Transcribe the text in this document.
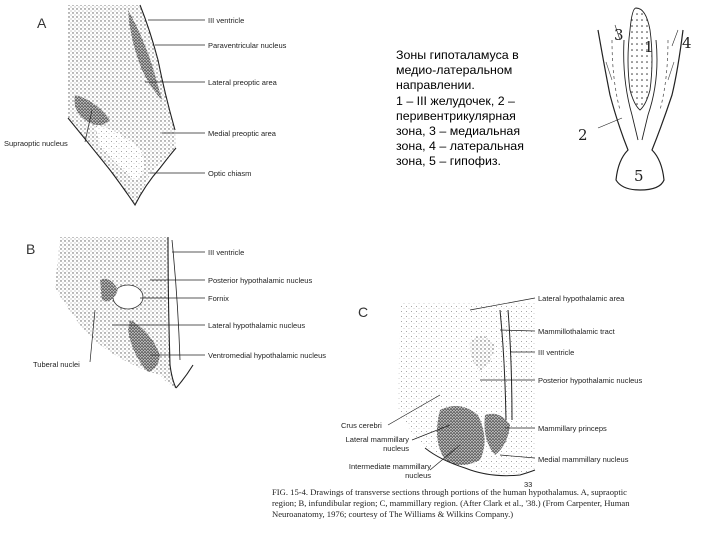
A
B
C
III ventricle
Paraventricular nucleus
Lateral preoptic area
Medial preoptic area
Supraoptic nucleus
Optic chiasm
III ventricle
Posterior hypothalamic nucleus
Fornix
Lateral hypothalamic nucleus
Ventromedial hypothalamic nucleus
Tuberal nuclei
Lateral hypothalamic area
Mammillothalamic tract
III ventricle
Posterior hypothalamic nucleus
Mammillary princeps
Medial mammillary nucleus
Crus cerebri
Lateral mammillary
nucleus
Intermediate mammillary
nucleus
33
Зоны гипоталамуса в
медио-латеральном
направлении.
1 – III желудочек, 2 –
перивентрикулярная
зона, 3 – медиальная
зона, 4 – латеральная
зона, 5 – гипофиз.
1
2
3	4
5
FIG. 15-4. Drawings of transverse sections through portions of the human hypothalamus. A, supraoptic
region; B, infundibular region; C, mammillary region. (After Clark et al., '38.) (From Carpenter, Human
Neuroanatomy, 1976; courtesy of The Williams & Wilkins Company.)
